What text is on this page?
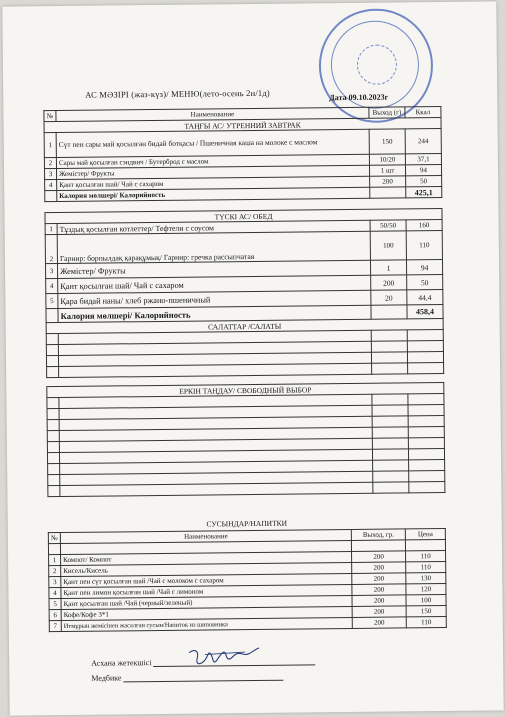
АС МӘЗІРІ (жаз-күз)/ МЕНЮ(лето-осень 2н/1д)	Дата 09.10.2023г
№	Наименование	Выход (г)	Ккал
ТАҢҒЫ АС/ УТРЕННИЙ ЗАВТРАК			
1	Сүт пен сары май қосылған бидай ботқасы / Пшеничная каша на молоке с маслом	150	244
2	Сары май қосылған сэндвич / Бутерброд с маслом	10/20	37,1
3	Жемістер/ Фрукты	1 шт	94
4	Қант қосылған шай/ Чай с сахаром	200	50
	Калория мөлшері/ Калорийность		425,1

ТҮСКІ АС/ ОБЕД			
1	Тұздық қосылған котлеттер/ Тефтели с соусом	50/50	160
2	Гарнир: борпылдақ қарақұмық/ Гарнир: гречка рассыпчатая	100	110
3	Жемістер/ Фрукты	1	94
4	Қант қосылған шай/ Чай с сахаром	200	50
5	Қара бидай наны/ хлеб ржано-пшеничный	20	44,4
	Калория мөлшері/ Калорийность		458,4
САЛАТТАР /САЛАТЫ			

ЕРКІН ТАҢДАУ/ СВОБОДНЫЙ ВЫБОР			

СУСЫНДАР/НАПИТКИ
№	Наименование	Выход, гр.	Цена

1	Компот/ Компот	200	110
2	Кисель/Кисель	200	110
3	Қант пен сүт қосылған шай /Чай с молоком с сахаром	200	130
4	Қант пен лимон қосылған шай /Чай с лимоном	200	120
5	Қант қосылған шай /Чай (черный/зеленый)	200	100
6	Кофе/Кофе 3*1	200	150
7	Итмұрын жемісінен жасалған сусын/Напиток из шиповника	200	110
Асхана жетекшісі
Медбике
